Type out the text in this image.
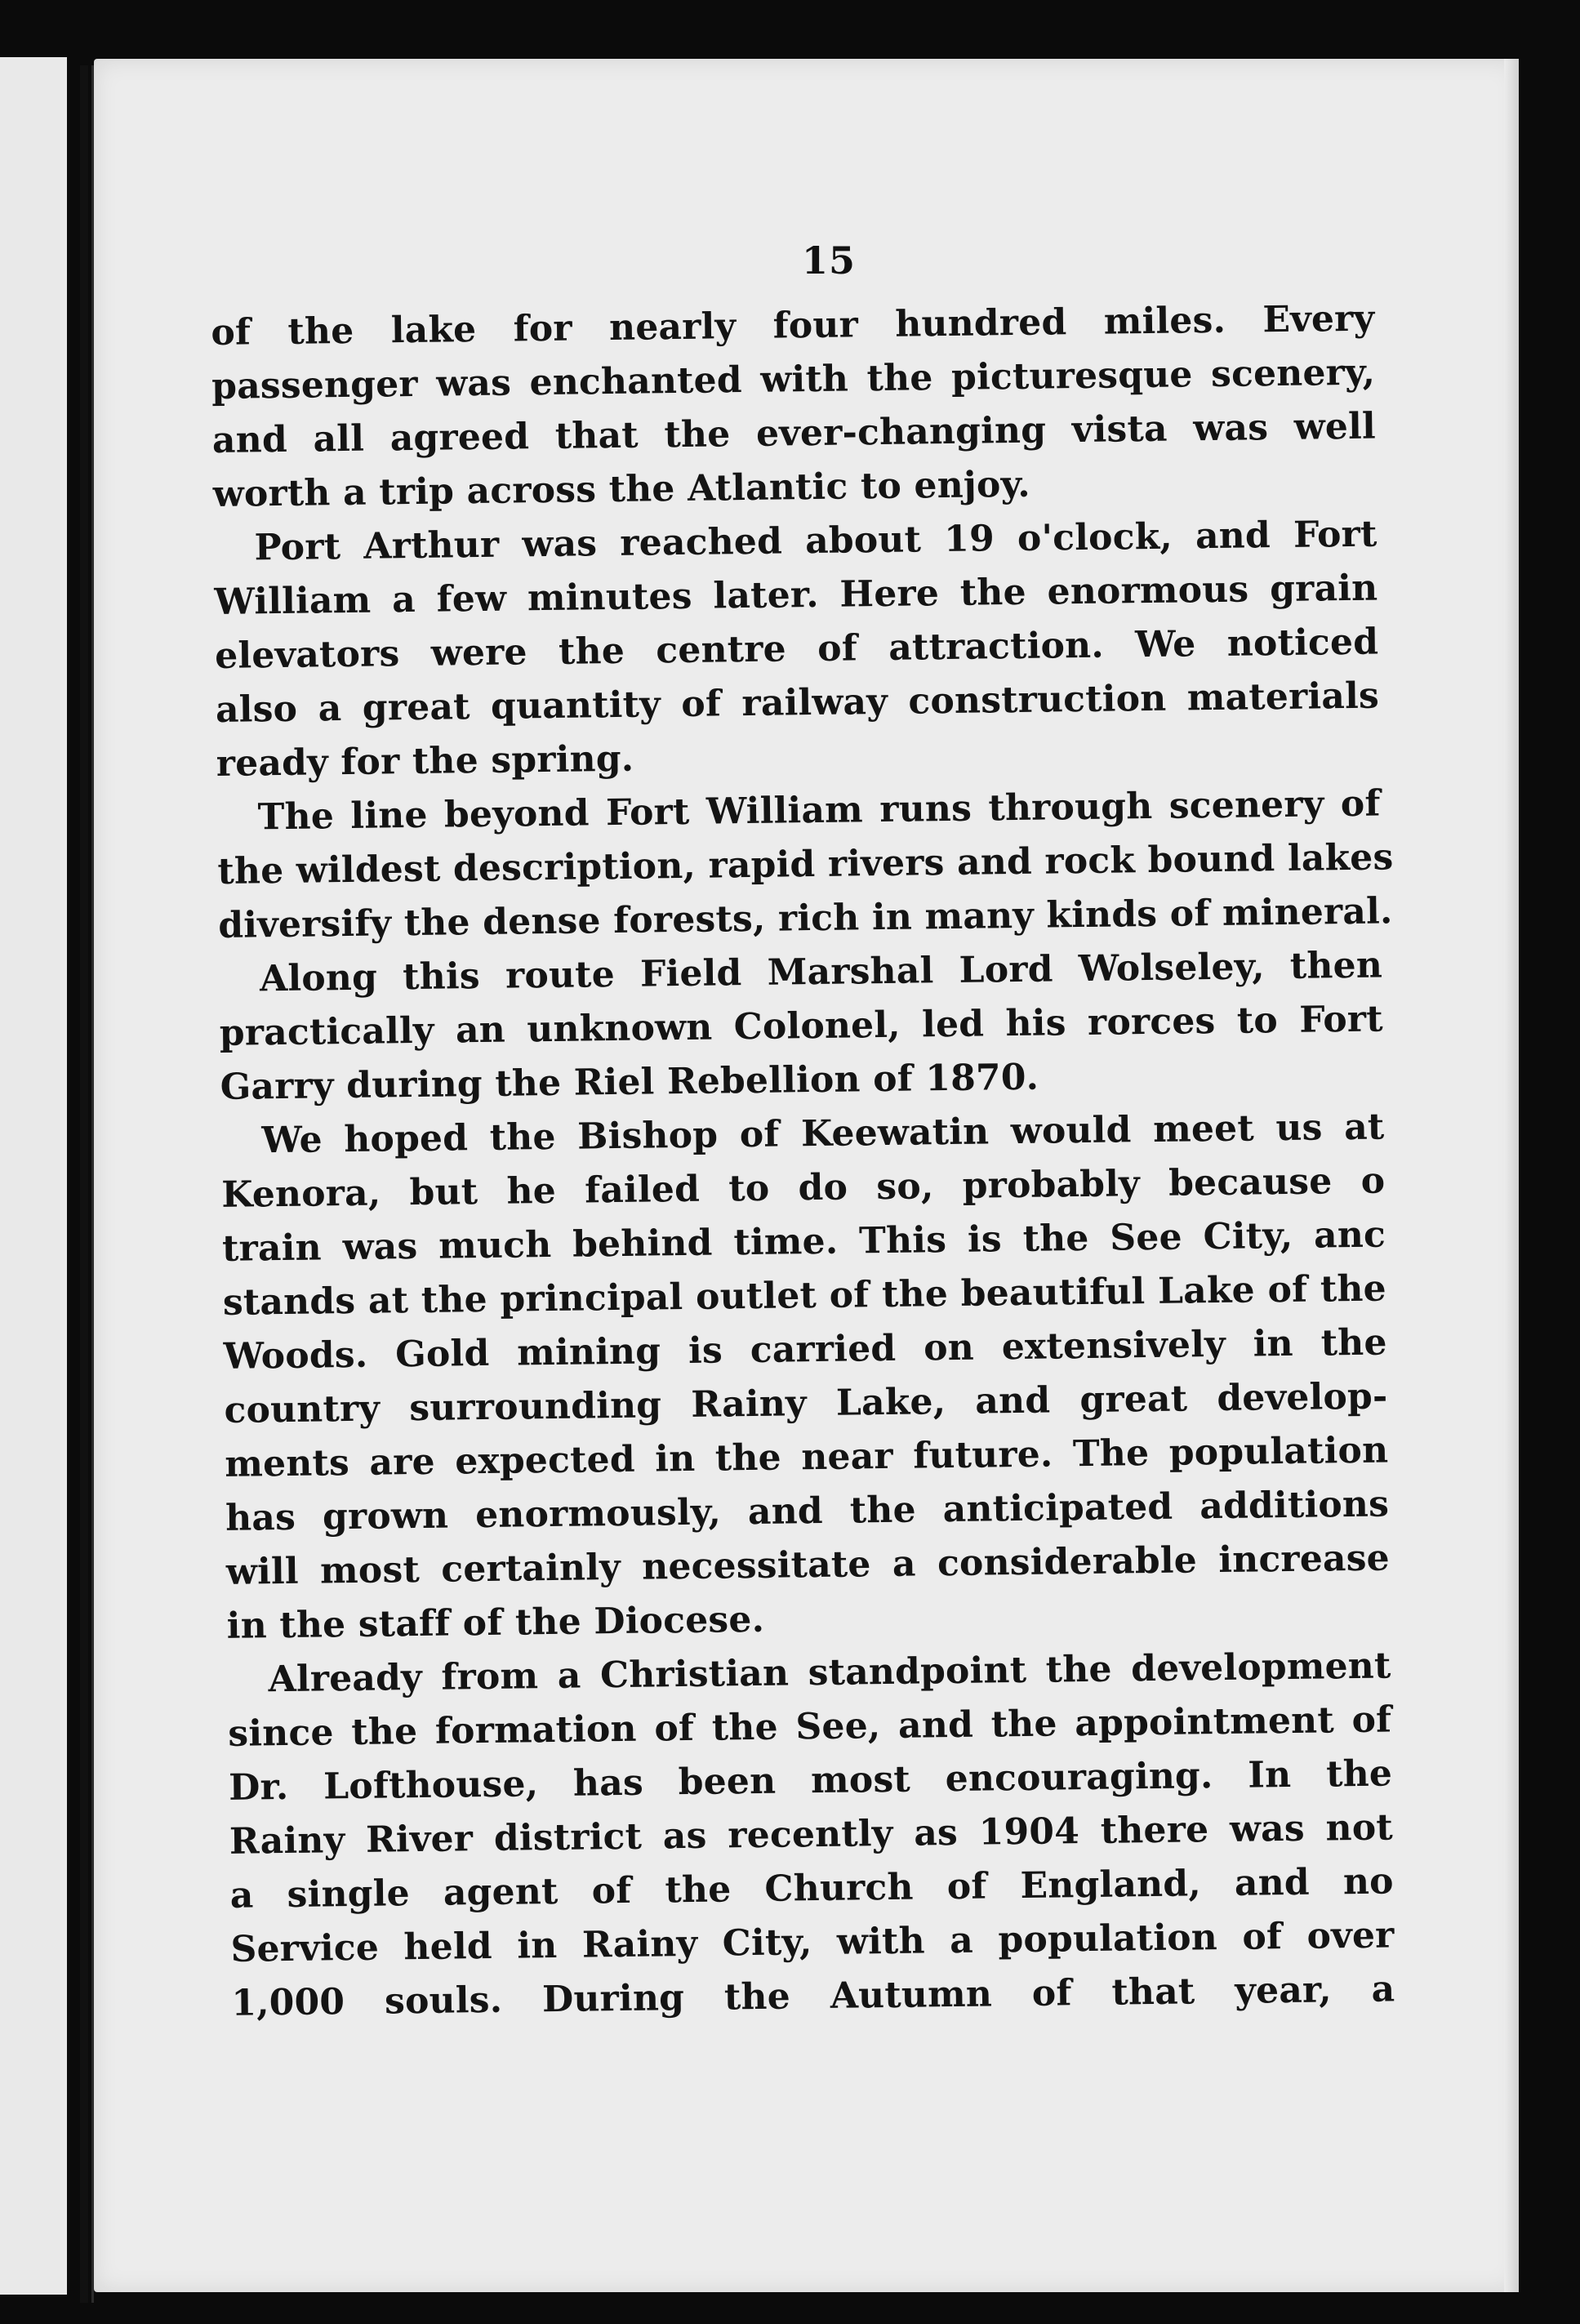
15
of the lake for nearly four hundred miles. Every
passenger was enchanted with the picturesque scenery,
and all agreed that the ever-changing vista was well
worth a trip across the Atlantic to enjoy.
Port Arthur was reached about 19 o'clock, and Fort
William a few minutes later. Here the enormous grain
elevators were the centre of attraction. We noticed
also a great quantity of railway construction materials
ready for the spring.
The line beyond Fort William runs through scenery of
the wildest description, rapid rivers and rock bound lakes
diversify the dense forests, rich in many kinds of mineral.
Along this route Field Marshal Lord Wolseley, then
practically an unknown Colonel, led his rorces to Fort
Garry during the Riel Rebellion of 1870.
We hoped the Bishop of Keewatin would meet us at
Kenora, but he failed to do so, probably because o
train was much behind time. This is the See City, anc
stands at the principal outlet of the beautiful Lake of the
Woods. Gold mining is carried on extensively in the
country surrounding Rainy Lake, and great develop-
ments are expected in the near future. The population
has grown enormously, and the anticipated additions
will most certainly necessitate a considerable increase
in the staff of the Diocese.
Already from a Christian standpoint the development
since the formation of the See, and the appointment of
Dr. Lofthouse, has been most encouraging. In the
Rainy River district as recently as 1904 there was not
a single agent of the Church of England, and no
Service held in Rainy City, with a population of over
1,000 souls. During the Autumn of that year, a
